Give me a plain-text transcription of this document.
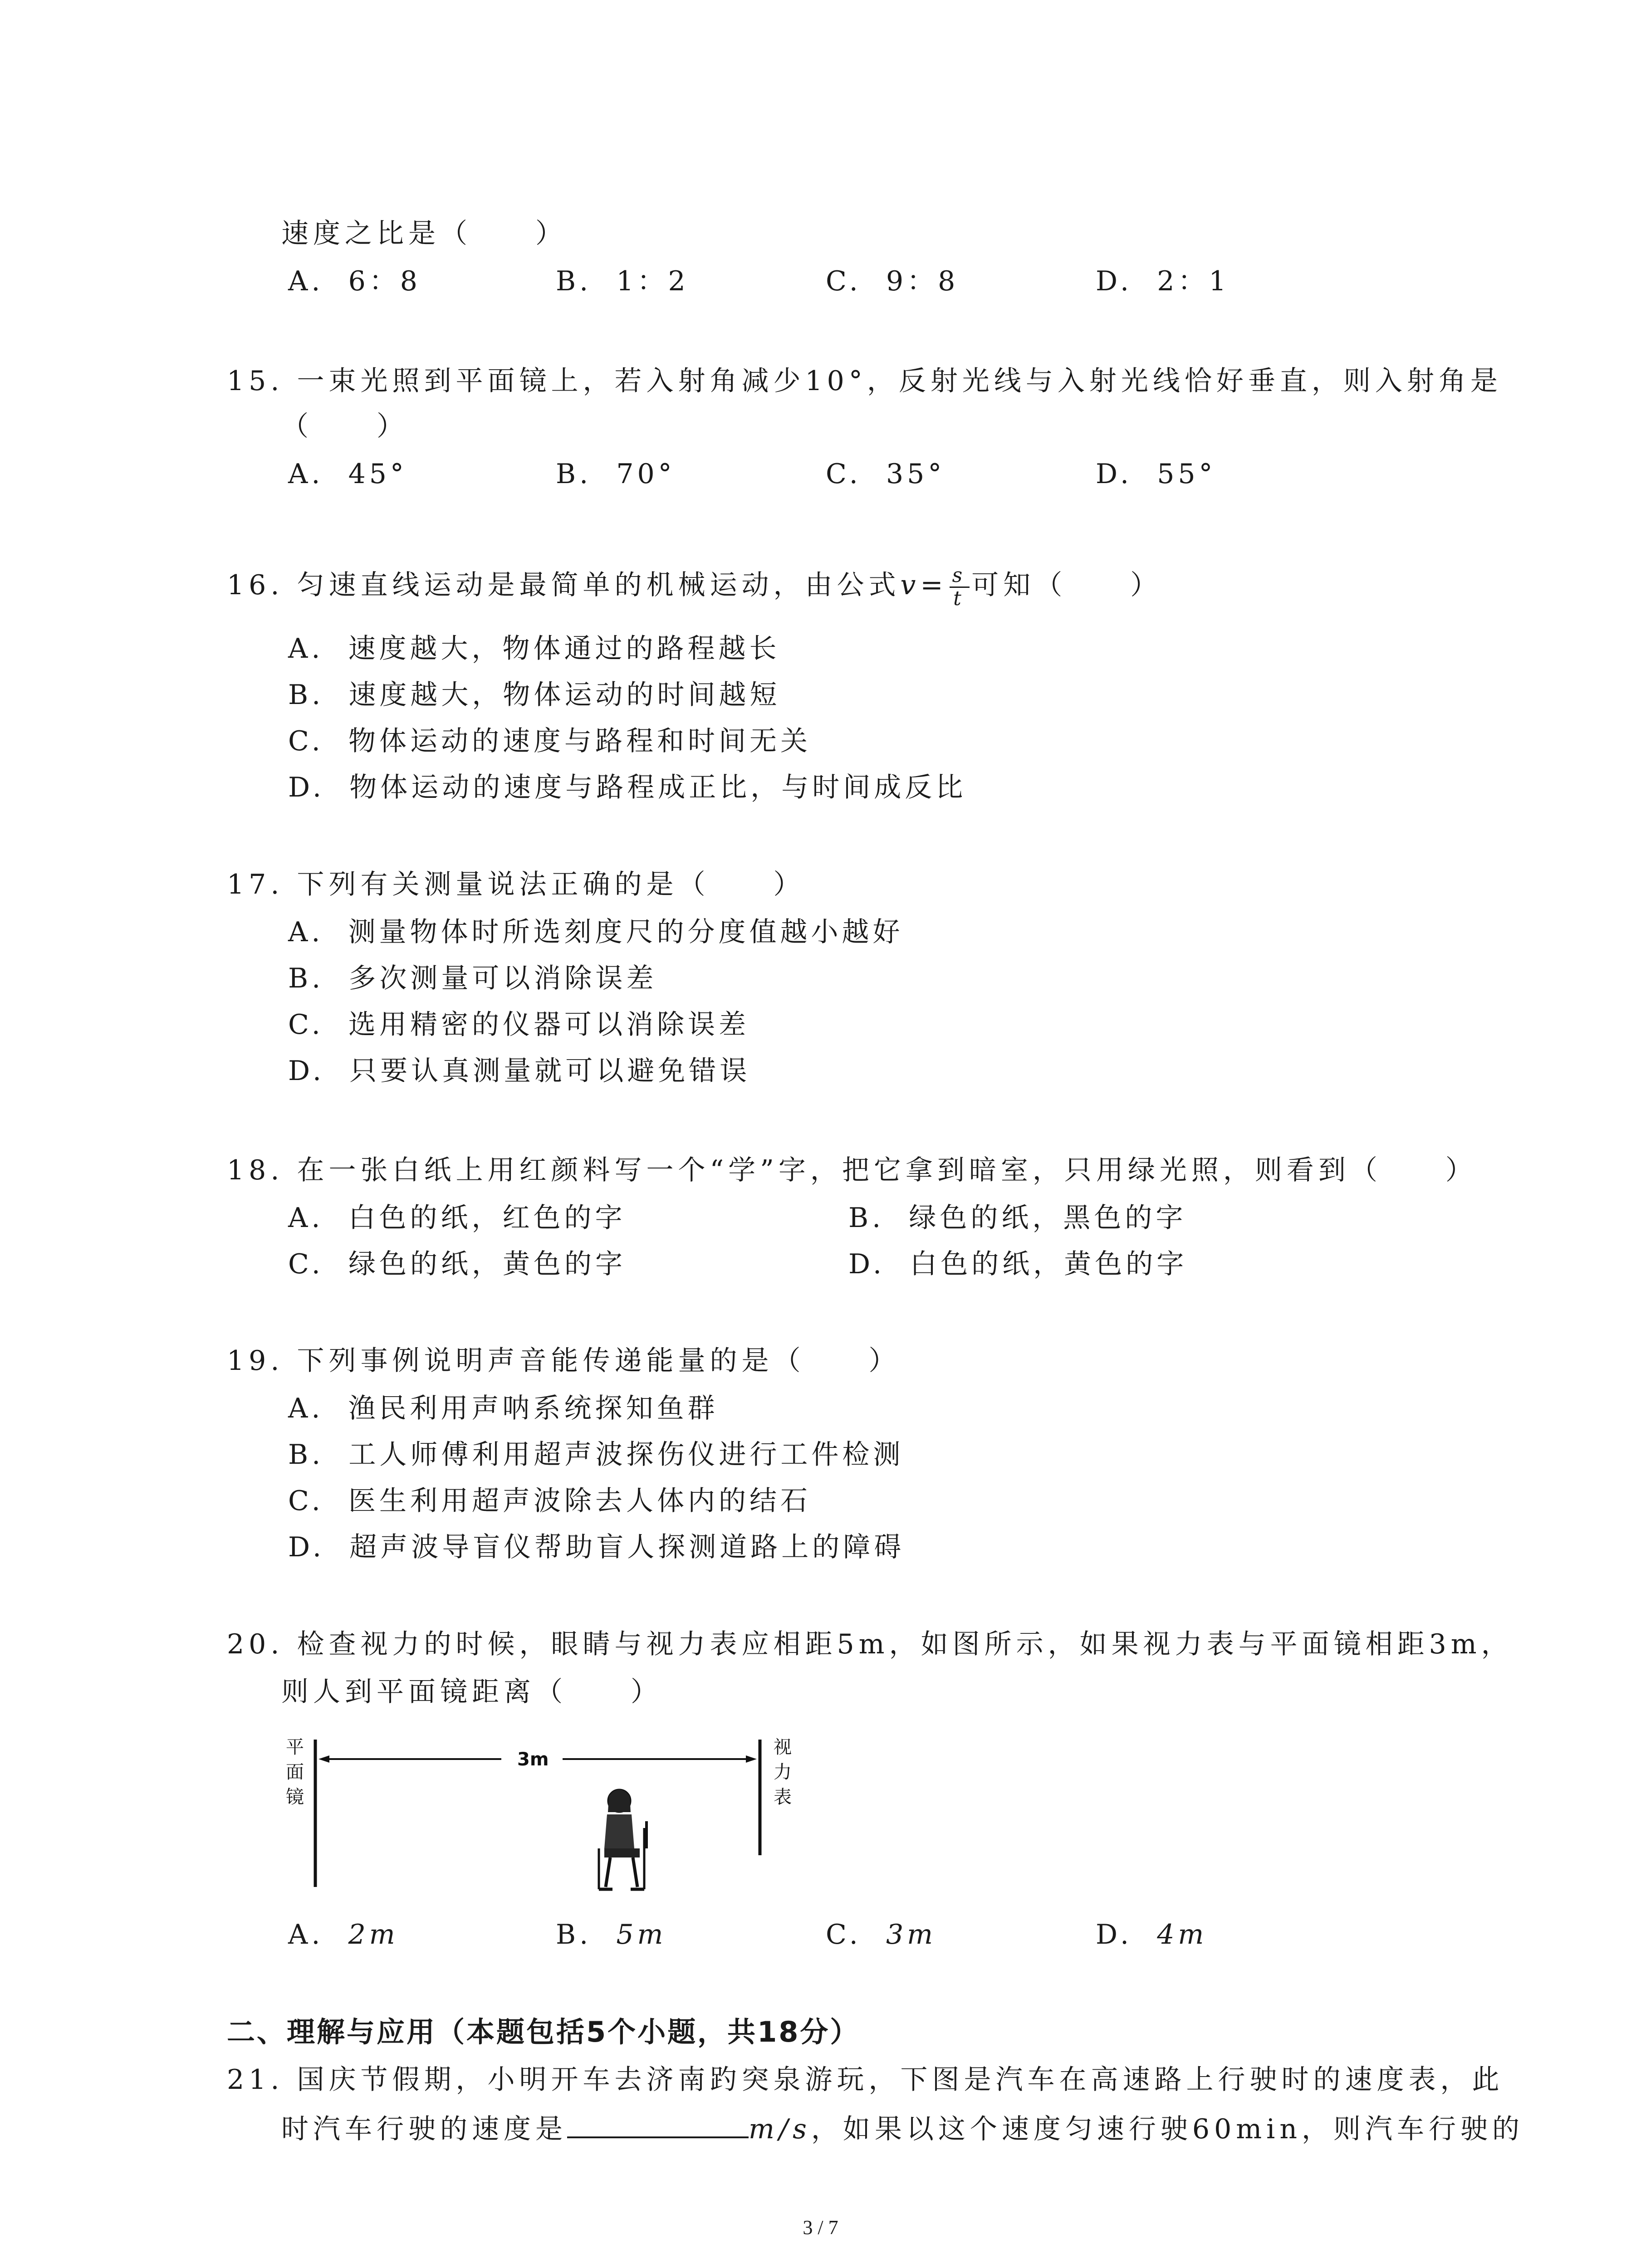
速度之比是（　　）
A. 6：8	B. 1：2	C. 9：8	D. 2：1
15. 一束光照到平面镜上，若入射角减少10°，反射光线与入射光线恰好垂直，则入射角是
（　　）
A. 45°	B. 70°	C. 35°	D. 55°
16. 匀速直线运动是最简单的机械运动，由公式$v= \frac{s}{t}$ 可知（　　）
A. 速度越大，物体通过的路程越长
B. 速度越大，物体运动的时间越短
C. 物体运动的速度与路程和时间无关
D. 物体运动的速度与路程成正比，与时间成反比
17. 下列有关测量说法正确的是（　　）
A. 测量物体时所选刻度尺的分度值越小越好
B. 多次测量可以消除误差
C. 选用精密的仪器可以消除误差
D. 只要认真测量就可以避免错误
18. 在一张白纸上用红颜料写一个“学”字，把它拿到暗室，只用绿光照，则看到（　　）
A. 白色的纸，红色的字	B. 绿色的纸，黑色的字
C. 绿色的纸，黄色的字	D. 白色的纸，黄色的字
19. 下列事例说明声音能传递能量的是（　　）
A. 渔民利用声呐系统探知鱼群
B. 工人师傅利用超声波探伤仪进行工件检测
C. 医生利用超声波除去人体内的结石
D. 超声波导盲仪帮助盲人探测道路上的障碍
20. 检查视力的时候，眼睛与视力表应相距5m，如图所示，如果视力表与平面镜相距3m，
则人到平面镜距离（　　）
平
面
镜
视
力
表
3m
A. 2m	B. 5m	C. 3m	D. 4m
二、理解与应用（本题包括5个小题，共18分）
21. 国庆节假期，小明开车去济南趵突泉游玩，下图是汽车在高速路上行驶时的速度表，此
时汽车行驶的速度是	m/s，如果以这个速度匀速行驶60min，则汽车行驶的
3 / 7
